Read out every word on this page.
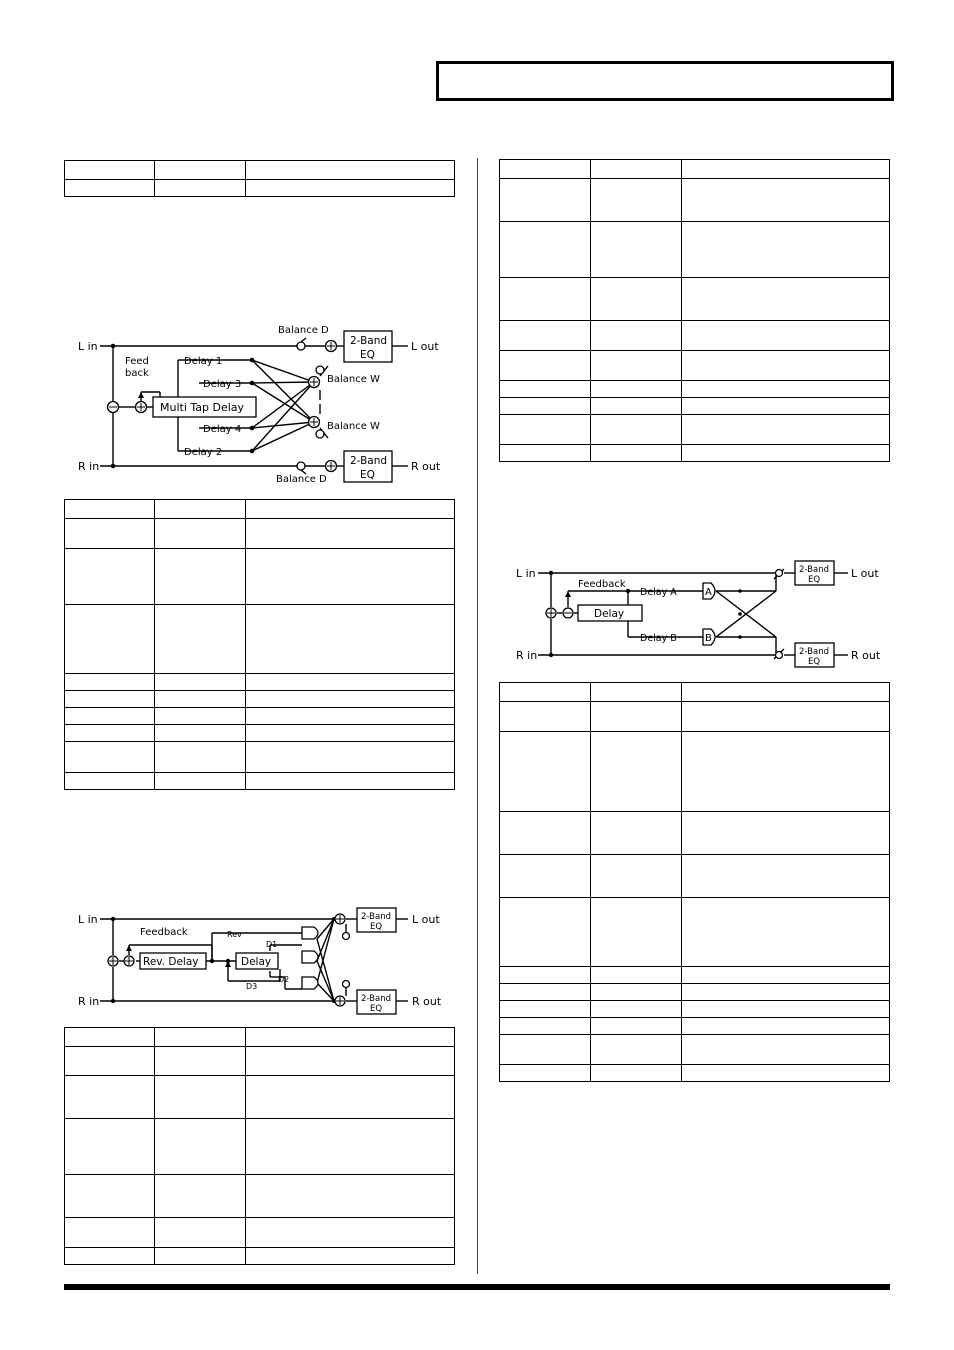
L in
R in
L out
R out
Feed
back
Delay 1
Delay 3
Delay 4
Delay 2
Multi Tap Delay
Balance D
Balance W
Balance W
Balance D
2-Band
EQ
2-Band
EQ

L in
R in
L out
R out
Feedback
Rev. Delay	Delay
Rev
D1
D3
D2
2-Band
EQ
2-Band
EQ

L in
R in
L out
R out
Feedback
Delay
Delay A
Delay B
A
B
2-Band
EQ
2-Band
EQ
